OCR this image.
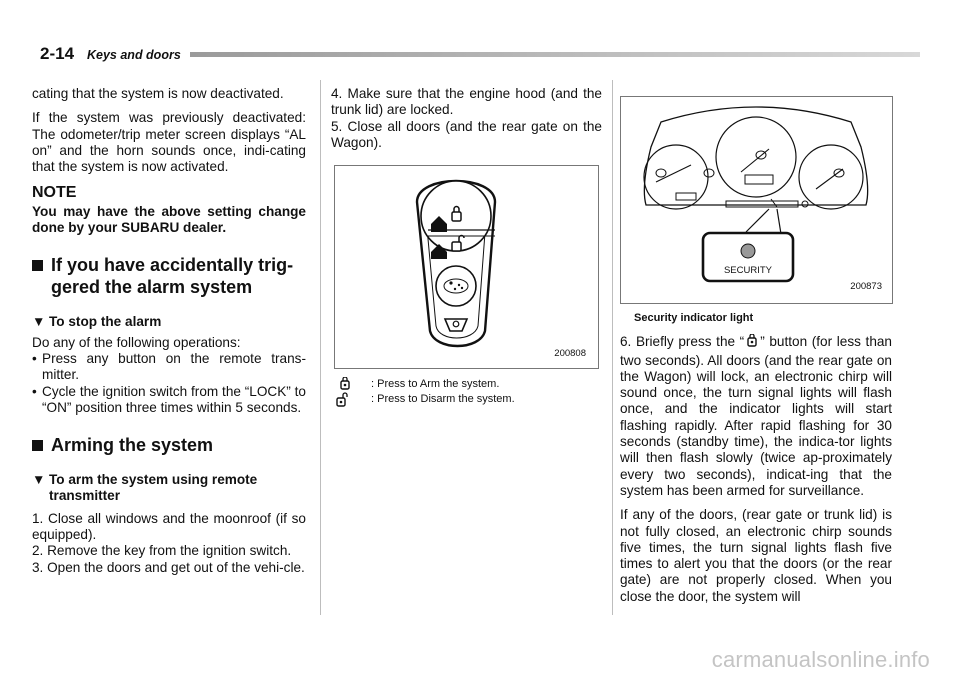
2-14 Keys and doors

cating that the system is now deactivated.

If the system was previously deactivated: The odometer/trip meter screen displays “AL on” and the horn sounds once, indi-cating that the system is now activated.

NOTE
You may have the above setting change done by your SUBARU dealer.
If you have accidentally trig-gered the alarm system
▼ To stop the alarm

Do any of the following operations:

• Press any button on the remote trans-mitter.
• Cycle the ignition switch from the “LOCK” to “ON” position three times within 5 seconds.
Arming the system
▼ To arm the system using remote transmitter

1. Close all windows and the moonroof (if so equipped).

2. Remove the key from the ignition switch.

3. Open the doors and get out of the vehi-cle.

4. Make sure that the engine hood (and the trunk lid) are locked.

5. Close all doors (and the rear gate on the Wagon).

200808
: Press to Arm the system.
: Press to Disarm the system.
SECURITY
200873
Security indicator light

6. Briefly press the “ ” button (for less than two seconds). All doors (and the rear gate on the Wagon) will lock, an electronic chirp will sound once, the turn signal lights will flash once, and the indicator lights will start flashing rapidly. After rapid flashing for 30 seconds (standby time), the indica-tor lights will then flash slowly (twice ap-proximately every two seconds), indicat-ing that the system has been armed for surveillance.

If any of the doors, (rear gate or trunk lid) is not fully closed, an electronic chirp sounds five times, the turn signal lights flash five times to alert you that the doors (or the rear gate) are not properly closed. When you close the door, the system will

carmanualsonline.info
